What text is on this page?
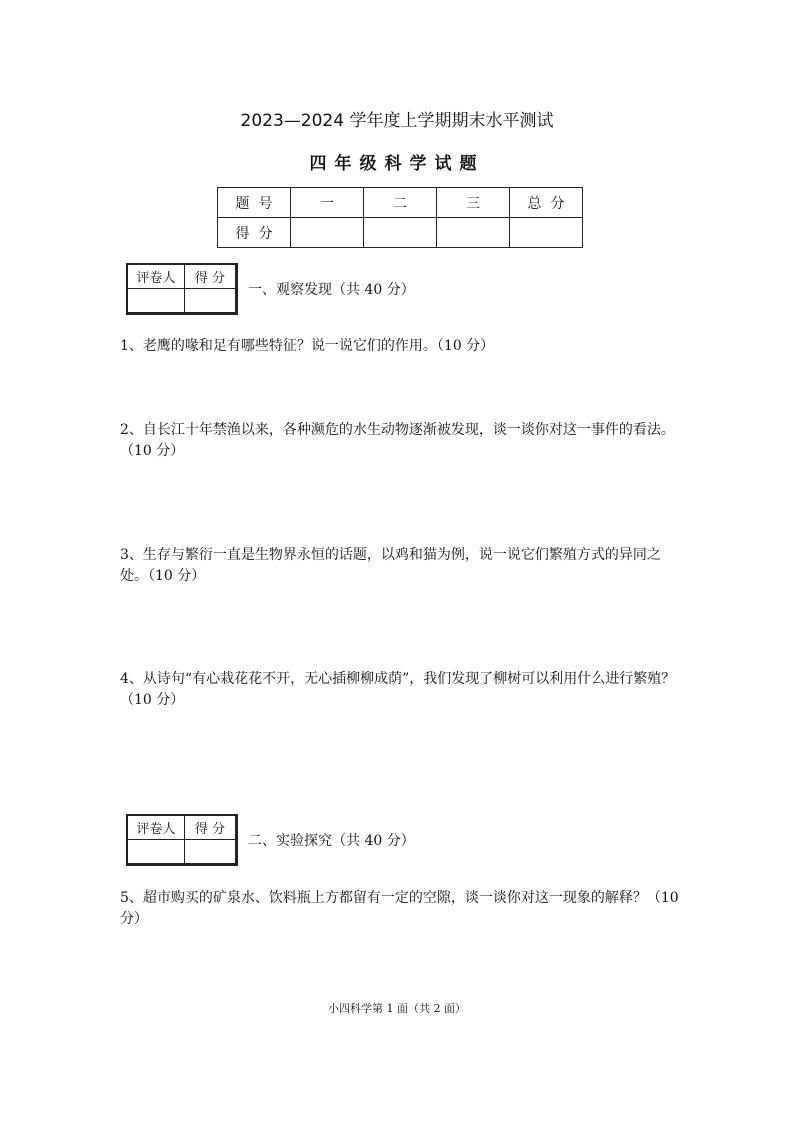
2023—2024 学年度上学期期末水平测试
四年级科学试题
题  号	一	二	三	总  分
得  分				
评卷人	得 分

一、观察发现（共 40 分）
1、老鹰的喙和足有哪些特征？说一说它们的作用。（10 分）
2、自长江十年禁渔以来，各种濒危的水生动物逐渐被发现，谈一谈你对这一事件的看法。（10 分）
3、生存与繁衍一直是生物界永恒的话题，以鸡和猫为例，说一说它们繁殖方式的异同之处。（10 分）
4、从诗句“有心栽花花不开，无心插柳柳成荫”，我们发现了柳树可以利用什么进行繁殖？（10 分）
评卷人	得 分

二、实验探究（共 40 分）
5、超市购买的矿泉水、饮料瓶上方都留有一定的空隙，谈一谈你对这一现象的解释？（10 分）
小四科学第 1 面（共 2 面）
